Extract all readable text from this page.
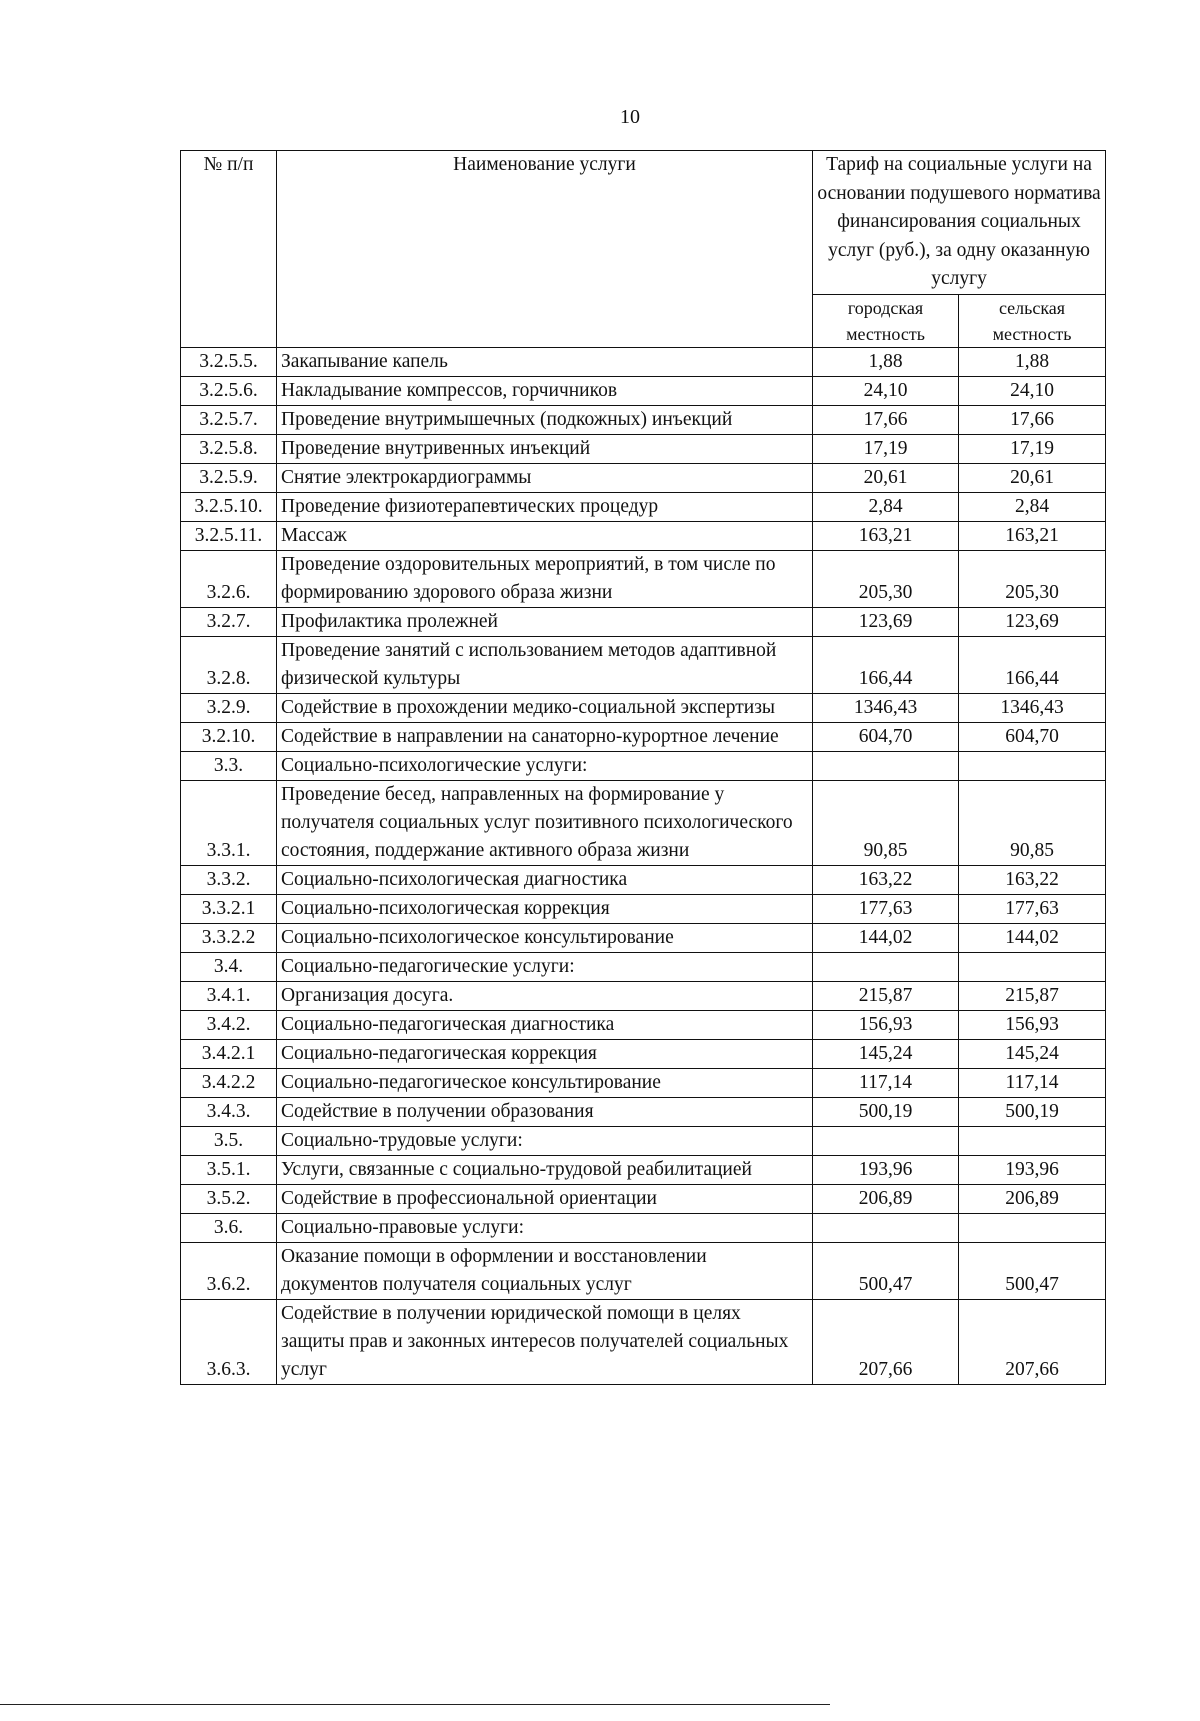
10
№ п/п	Наименование услуги	Тариф на социальные услуги на основании подушевого норматива финансирования социальных услуг (руб.), за одну оказанную услугу	
		городская местность	сельская местность
3.2.5.5.	Закапывание капель	1,88	1,88
3.2.5.6.	Накладывание компрессов, горчичников	24,10	24,10
3.2.5.7.	Проведение внутримышечных (подкожных) инъекций	17,66	17,66
3.2.5.8.	Проведение внутривенных инъекций	17,19	17,19
3.2.5.9.	Снятие электрокардиограммы	20,61	20,61
3.2.5.10.	Проведение физиотерапевтических процедур	2,84	2,84
3.2.5.11.	Массаж	163,21	163,21
3.2.6.	Проведение оздоровительных мероприятий, в том числе по формированию здорового образа жизни	205,30	205,30
3.2.7.	Профилактика пролежней	123,69	123,69
3.2.8.	Проведение занятий с использованием методов адаптивной физической культуры	166,44	166,44
3.2.9.	Содействие в прохождении медико-социальной экспертизы	1346,43	1346,43
3.2.10.	Содействие в направлении на санаторно-курортное лечение	604,70	604,70
3.3.	Социально-психологические услуги:		
3.3.1.	Проведение бесед, направленных на формирование у получателя социальных услуг позитивного психологического состояния, поддержание активного образа жизни	90,85	90,85
3.3.2.	Социально-психологическая диагностика	163,22	163,22
3.3.2.1	Социально-психологическая коррекция	177,63	177,63
3.3.2.2	Социально-психологическое консультирование	144,02	144,02
3.4.	Социально-педагогические услуги:		
3.4.1.	Организация досуга.	215,87	215,87
3.4.2.	Социально-педагогическая диагностика	156,93	156,93
3.4.2.1	Социально-педагогическая коррекция	145,24	145,24
3.4.2.2	Социально-педагогическое консультирование	117,14	117,14
3.4.3.	Содействие в получении образования	500,19	500,19
3.5.	Социально-трудовые услуги:		
3.5.1.	Услуги, связанные с социально-трудовой реабилитацией	193,96	193,96
3.5.2.	Содействие в профессиональной ориентации	206,89	206,89
3.6.	Социально-правовые услуги:		
3.6.2.	Оказание помощи в оформлении и восстановлении документов получателя социальных услуг	500,47	500,47
3.6.3.	Содействие в получении юридической помощи в целях защиты прав и законных интересов получателей социальных услуг	207,66	207,66
